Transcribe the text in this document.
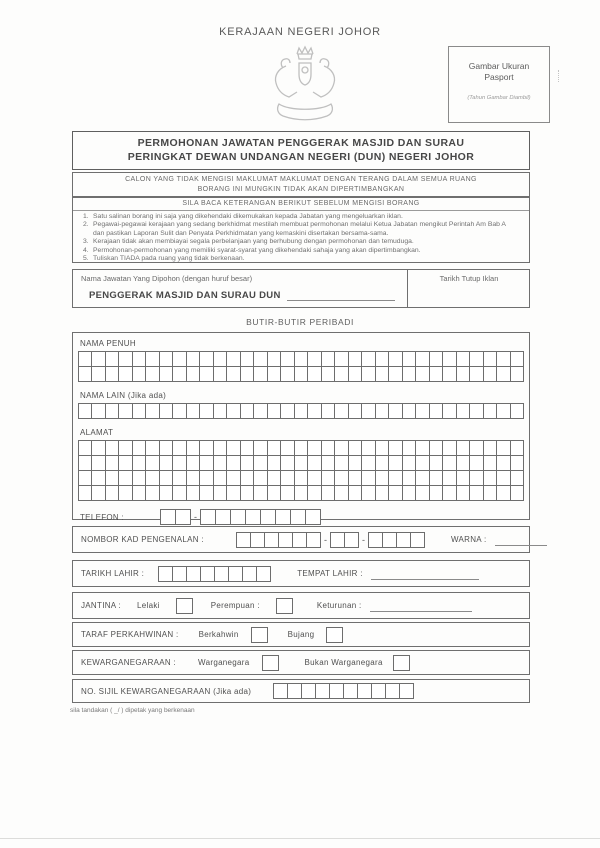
KERAJAAN NEGERI JOHOR
Gambar Ukuran
Pasport
(Tahun Gambar Diambil)
PERMOHONAN JAWATAN PENGGERAK MASJID DAN SURAU
PERINGKAT DEWAN UNDANGAN NEGERI (DUN) NEGERI JOHOR
CALON YANG TIDAK MENGISI MAKLUMAT MAKLUMAT DENGAN TERANG DALAM SEMUA RUANG
BORANG INI MUNGKIN TIDAK AKAN DIPERTIMBANGKAN
SILA BACA KETERANGAN BERIKUT SEBELUM MENGISI BORANG
1. Satu salinan borang ini saja yang dikehendaki dikemukakan kepada Jabatan yang mengeluarkan iklan.
2. Pegawai-pegawai kerajaan yang sedang berkhidmat mestilah membuat permohonan melalui Ketua Jabatan mengikut Perintah Am Bab A dan pastikan Laporan Sulit dan Penyata Perkhidmatan yang kemaskini disertakan bersama-sama.
3. Kerajaan tidak akan membiayai segala perbelanjaan yang berhubung dengan permohonan dan temuduga.
4. Permohonan-permohonan yang memiliki syarat-syarat yang dikehendaki sahaja yang akan dipertimbangkan.
5. Tuliskan TIADA pada ruang yang tidak berkenaan.
Nama Jawatan Yang Dipohon (dengan huruf besar)
PENGGERAK MASJID DAN SURAU DUN
Tarikh Tutup Iklan
BUTIR-BUTIR PERIBADI
NAMA PENUH
NAMA LAIN (Jika ada)
ALAMAT
TELEFON :	-
NOMBOR KAD PENGENALAN :	-	-	WARNA :
TARIKH LAHIR :	TEMPAT LAHIR :
JANTINA : Lelaki	Perempuan :	Keturunan :
TARAF PERKAHWINAN :	Berkahwin	Bujang
KEWARGANEGARAAN :	Warganegara	Bukan Warganegara
NO. SIJIL KEWARGANEGARAAN (Jika ada)
sila tandakan ( _/ ) dipetak yang berkenaan
